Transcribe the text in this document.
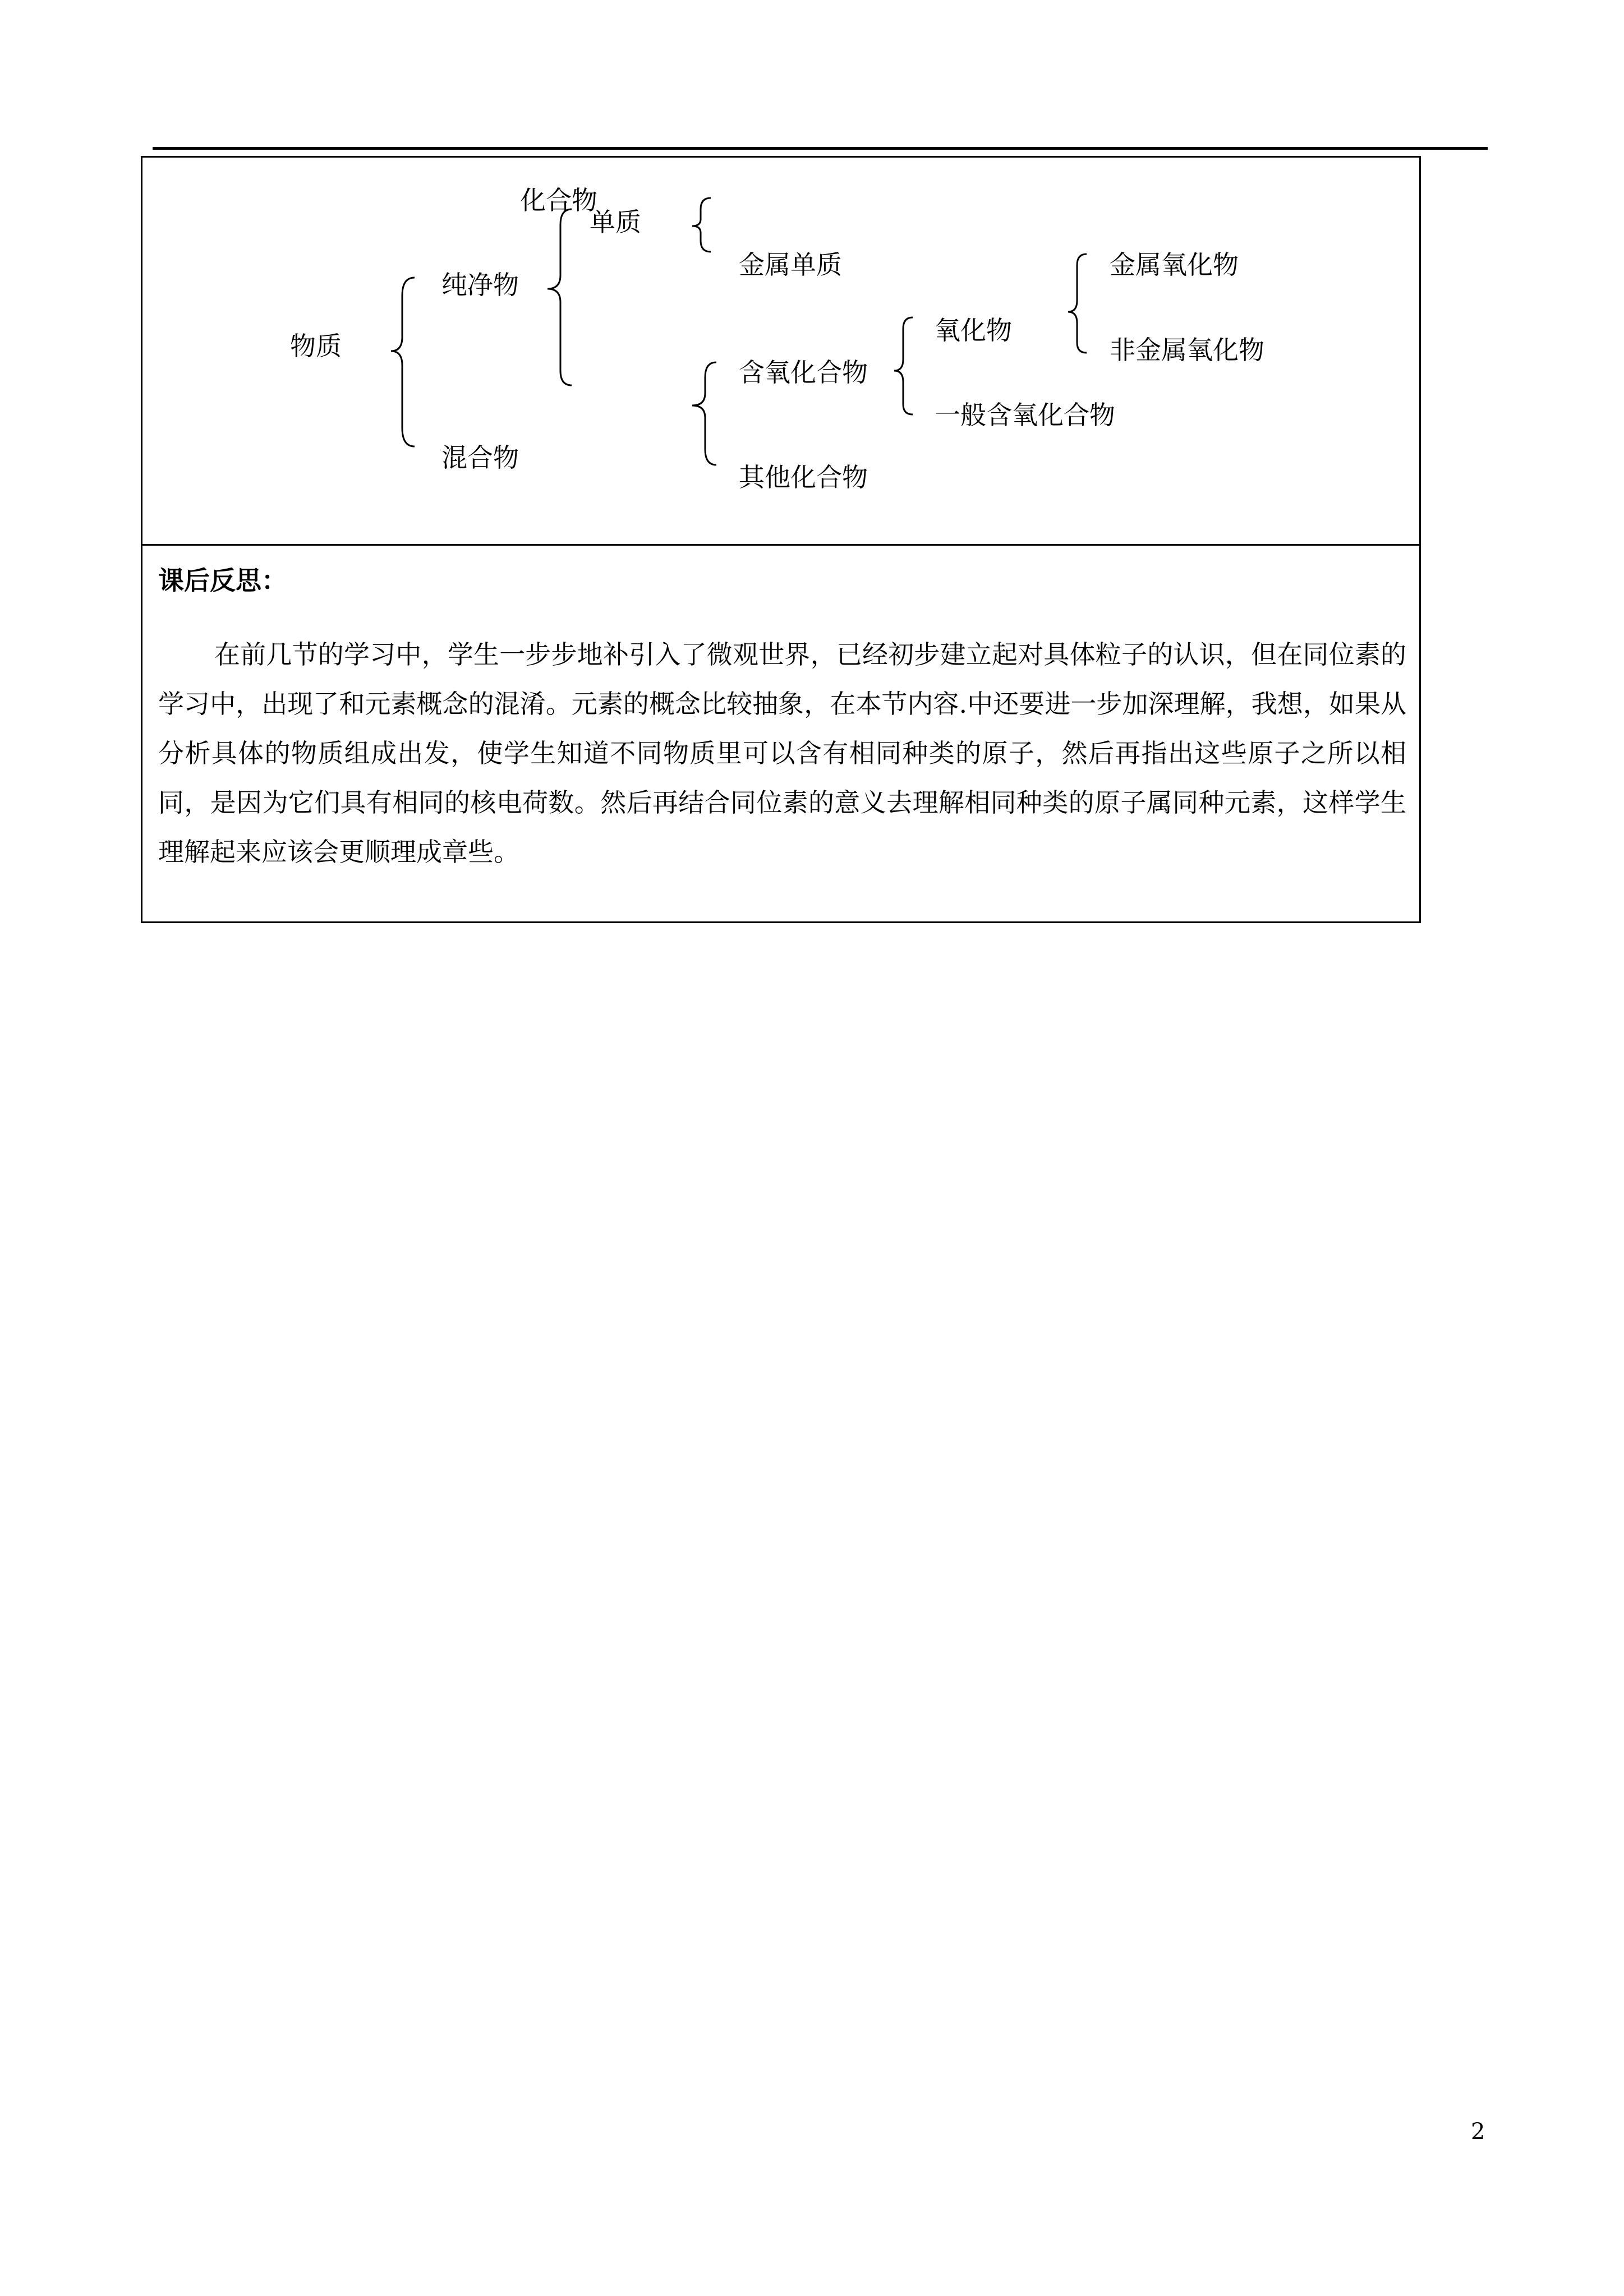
物质
纯净物
混合物
化合物
单质
金属单质
含氧化合物
其他化合物
氧化物
一般含氧化合物
金属氧化物
非金属氧化物
课后反思：
在前几节的学习中，学生一步步地补引入了微观世界，已经初步建立起对具体粒子的认识，但在同位素的学习中，出现了和元素概念的混淆。元素的概念比较抽象，在本节内容.中还要进一步加深理解，我想，如果从分析具体的物质组成出发，使学生知道不同物质里可以含有相同种类的原子，然后再指出这些原子之所以相同，是因为它们具有相同的核电荷数。然后再结合同位素的意义去理解相同种类的原子属同种元素，这样学生理解起来应该会更顺理成章些。
2
